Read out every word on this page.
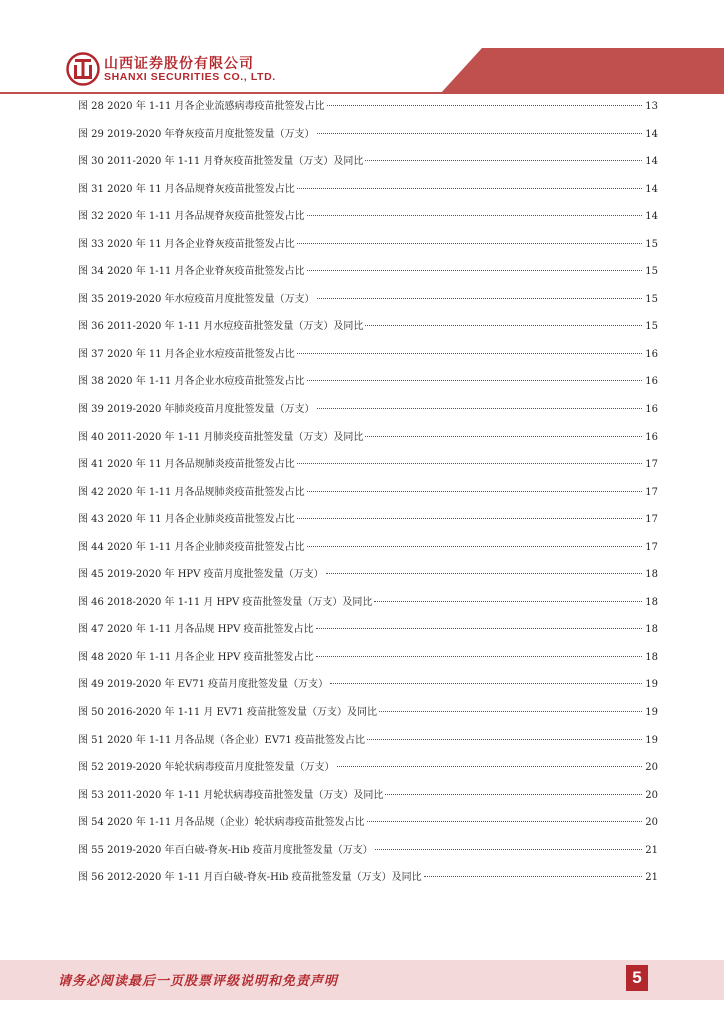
山西证券股份有限公司
SHANXI SECURITIES CO., LTD.
图 28 2020 年 1-11 月各企业流感病毒疫苗批签发占比	13
图 29 2019-2020 年脊灰疫苗月度批签发量（万支）	14
图 30 2011-2020 年 1-11 月脊灰疫苗批签发量（万支）及同比	14
图 31 2020 年 11 月各品规脊灰疫苗批签发占比	14
图 32 2020 年 1-11 月各品规脊灰疫苗批签发占比	14
图 33 2020 年 11 月各企业脊灰疫苗批签发占比	15
图 34 2020 年 1-11 月各企业脊灰疫苗批签发占比	15
图 35 2019-2020 年水痘疫苗月度批签发量（万支）	15
图 36 2011-2020 年 1-11 月水痘疫苗批签发量（万支）及同比	15
图 37 2020 年 11 月各企业水痘疫苗批签发占比	16
图 38 2020 年 1-11 月各企业水痘疫苗批签发占比	16
图 39 2019-2020 年肺炎疫苗月度批签发量（万支）	16
图 40 2011-2020 年 1-11 月肺炎疫苗批签发量（万支）及同比	16
图 41 2020 年 11 月各品规肺炎疫苗批签发占比	17
图 42 2020 年 1-11 月各品规肺炎疫苗批签发占比	17
图 43 2020 年 11 月各企业肺炎疫苗批签发占比	17
图 44 2020 年 1-11 月各企业肺炎疫苗批签发占比	17
图 45 2019-2020 年 HPV 疫苗月度批签发量（万支）	18
图 46 2018-2020 年 1-11 月 HPV 疫苗批签发量（万支）及同比	18
图 47 2020 年 1-11 月各品规 HPV 疫苗批签发占比	18
图 48 2020 年 1-11 月各企业 HPV 疫苗批签发占比	18
图 49 2019-2020 年 EV71 疫苗月度批签发量（万支）	19
图 50 2016-2020 年 1-11 月 EV71 疫苗批签发量（万支）及同比	19
图 51 2020 年 1-11 月各品规（各企业）EV71 疫苗批签发占比	19
图 52 2019-2020 年轮状病毒疫苗月度批签发量（万支）	20
图 53 2011-2020 年 1-11 月轮状病毒疫苗批签发量（万支）及同比	20
图 54 2020 年 1-11 月各品规（企业）轮状病毒疫苗批签发占比	20
图 55 2019-2020 年百白破-脊灰-Hib 疫苗月度批签发量（万支）	21
图 56 2012-2020 年 1-11 月百白破-脊灰-Hib 疫苗批签发量（万支）及同比	21
请务必阅读最后一页股票评级说明和免责声明	5
